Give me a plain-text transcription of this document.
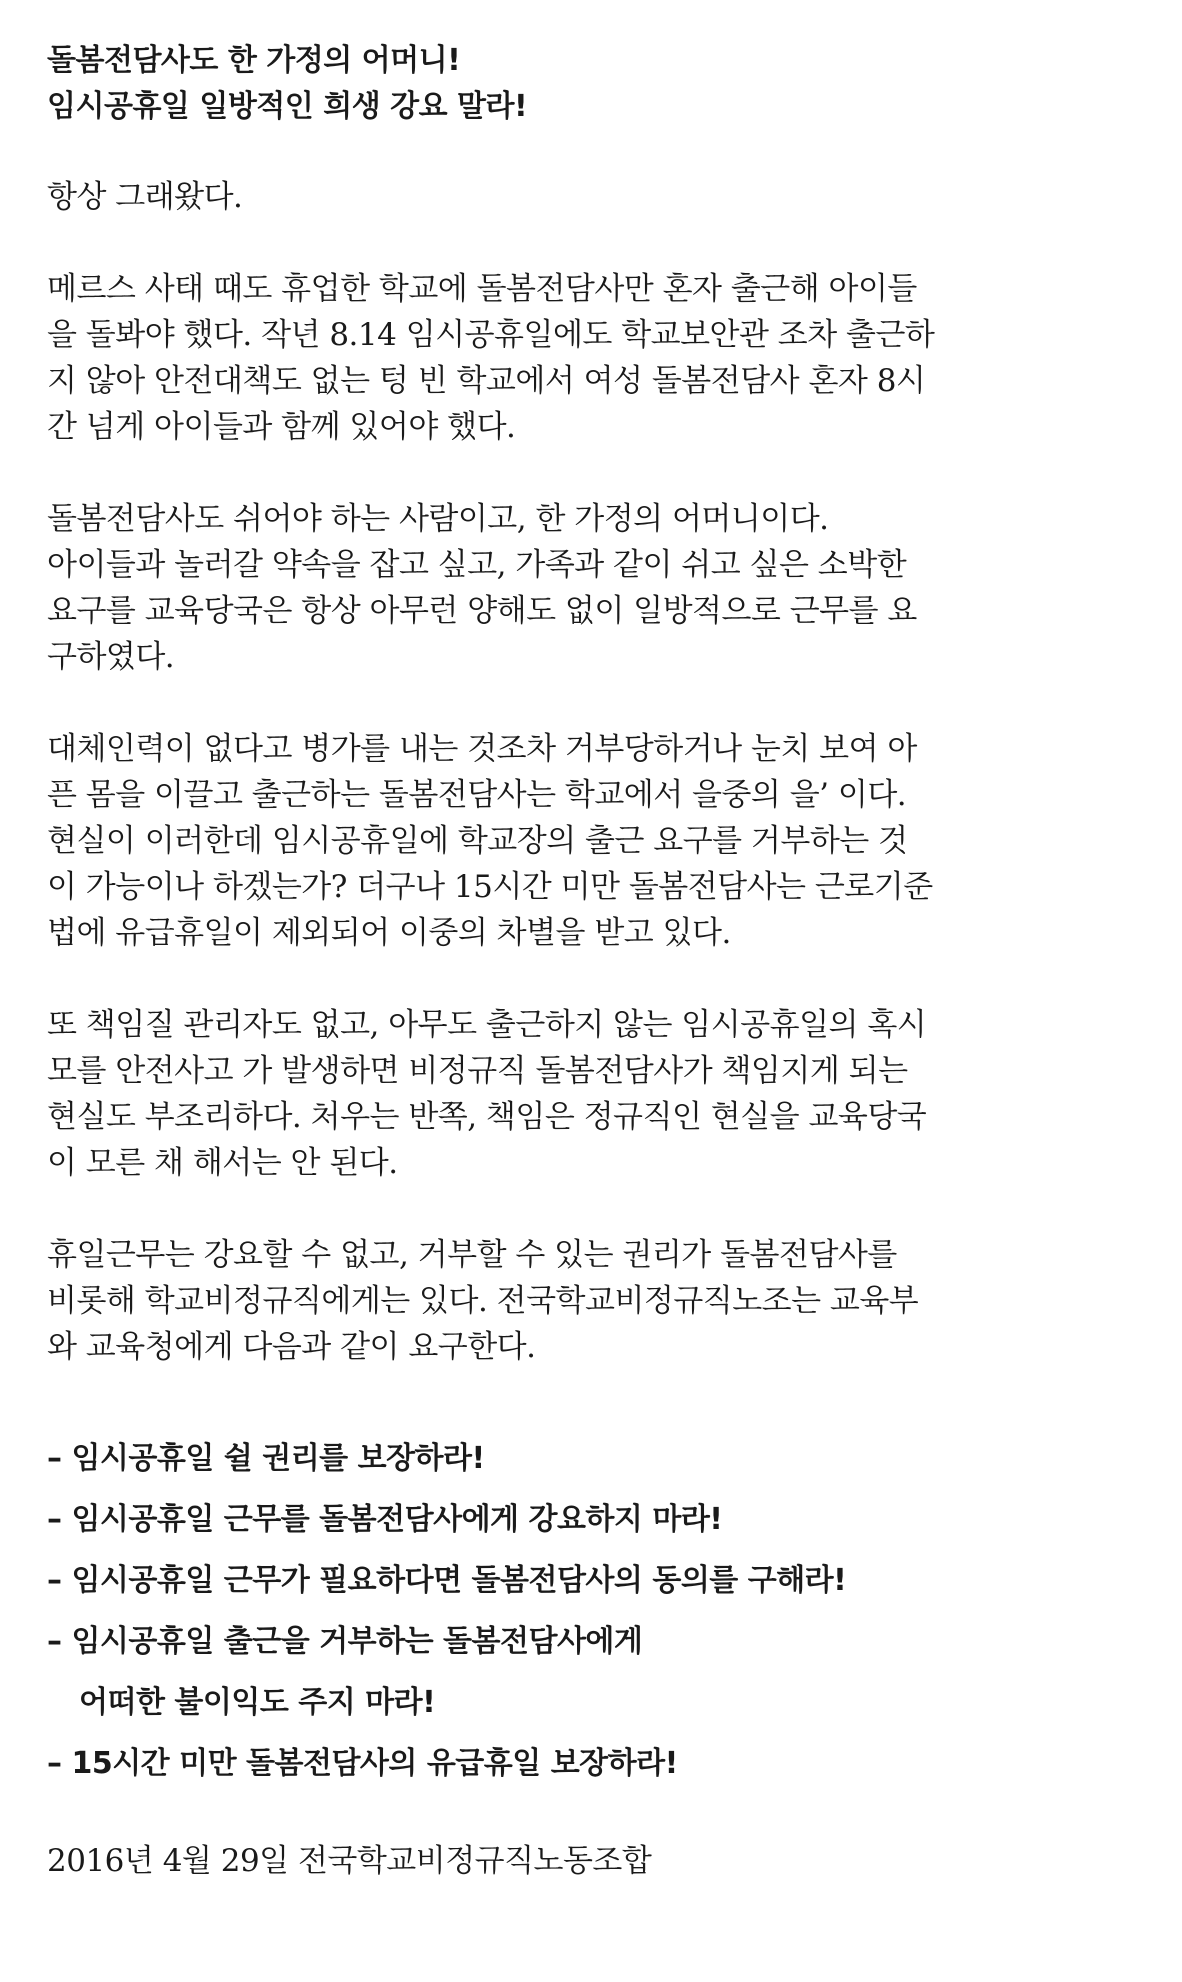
돌봄전담사도 한 가정의 어머니!
임시공휴일 일방적인 희생 강요 말라!
항상 그래왔다.
메르스 사태 때도 휴업한 학교에 돌봄전담사만 혼자 출근해 아이들
을 돌봐야 했다. 작년 8.14 임시공휴일에도 학교보안관 조차 출근하
지 않아 안전대책도 없는 텅 빈 학교에서 여성 돌봄전담사 혼자 8시
간 넘게 아이들과 함께 있어야 했다.
돌봄전담사도 쉬어야 하는 사람이고, 한 가정의 어머니이다.
아이들과 놀러갈 약속을 잡고 싶고, 가족과 같이 쉬고 싶은 소박한
요구를 교육당국은 항상 아무런 양해도 없이 일방적으로 근무를 요
구하였다.
대체인력이 없다고 병가를 내는 것조차 거부당하거나 눈치 보여 아
픈 몸을 이끌고 출근하는 돌봄전담사는 학교에서 을중의 을’ 이다.
현실이 이러한데 임시공휴일에 학교장의 출근 요구를 거부하는 것
이 가능이나 하겠는가? 더구나 15시간 미만 돌봄전담사는 근로기준
법에 유급휴일이 제외되어 이중의 차별을 받고 있다.
또 책임질 관리자도 없고, 아무도 출근하지 않는 임시공휴일의 혹시
모를 안전사고 가 발생하면 비정규직 돌봄전담사가 책임지게 되는
현실도 부조리하다. 처우는 반쪽, 책임은 정규직인 현실을 교육당국
이 모른 채 해서는 안 된다.
휴일근무는 강요할 수 없고, 거부할 수 있는 권리가 돌봄전담사를
비롯해 학교비정규직에게는 있다. 전국학교비정규직노조는 교육부
와 교육청에게 다음과 같이 요구한다.
– 임시공휴일 쉴 권리를 보장하라!
– 임시공휴일 근무를 돌봄전담사에게 강요하지 마라!
– 임시공휴일 근무가 필요하다면 돌봄전담사의 동의를 구해라!
– 임시공휴일 출근을 거부하는 돌봄전담사에게
어떠한 불이익도 주지 마라!
– 15시간 미만 돌봄전담사의 유급휴일 보장하라!
2016년 4월 29일 전국학교비정규직노동조합
